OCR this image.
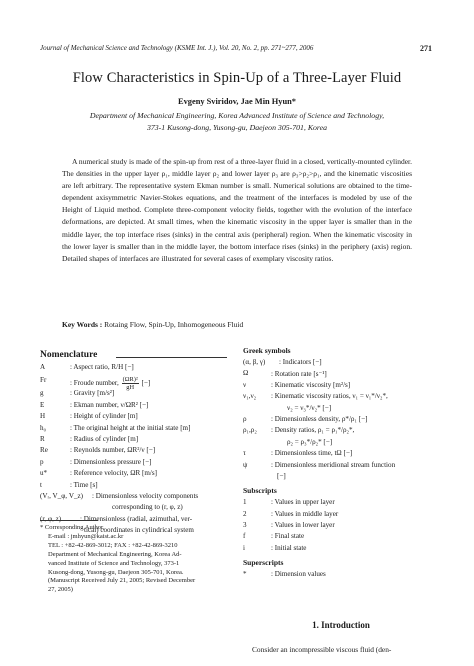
Journal of Mechanical Science and Technology (KSME Int. J.), Vol. 20, No. 2, pp. 271~277, 2006	271
Flow Characteristics in Spin-Up of a Three-Layer Fluid
Evgeny Sviridov, Jae Min Hyun*
Department of Mechanical Engineering, Korea Advanced Institute of Science and Technology,
373-1 Kusong-dong, Yusong-gu, Daejeon 305-701, Korea
A numerical study is made of the spin-up from rest of a three-layer fluid in a closed, vertically-mounted cylinder. The densities in the upper layer ρ₁, middle layer ρ₂ and lower layer ρ₃ are ρ₃>ρ₂>ρ₁, and the kinematic viscosities are left arbitrary. The representative system Ekman number is small. Numerical solutions are obtained to the time-dependent axisymmetric Navier-Stokes equations, and the treatment of the interfaces is modeled by use of the Height of Liquid method. Complete three-component velocity fields, together with the evolution of the interface deformations, are depicted. At small times, when the kinematic viscosity in the upper layer is smaller than in the middle layer, the top interface rises (sinks) in the central axis (peripheral) region. When the kinematic viscosity in the lower layer is smaller than in the middle layer, the bottom interface rises (sinks) in the periphery (axis) region. Detailed shapes of interfaces are illustrated for several cases of exemplary viscosity ratios.
Key Words : Rotaing Flow, Spin-Up, Inhomogeneous Fluid
Nomenclature
A	: Aspect ratio, R/H [−]
Fr	: Froude number, $\frac{\text{(ΩR)²}}{gH}$ [−]
g	: Gravity [m/s²]
E	: Ekman number, ν/ΩR² [−]
H	: Height of cylinder [m]
h₀	: The original height at the initial state [m]
R	: Radius of cylinder [m]
Re	: Reynolds number, ΩR²/ν [−]
p	: Dimensionless pressure [−]
u*	: Reference velocity, ΩR [m/s]
t	: Time [s]
(Vᵣ, V_φ, V_z) : Dimensionless velocity components
corresponding to (r, φ, z)
(r, φ, z)	: Dimensionless (radial, azimuthal, ver-
tical) coordinates in cylindrical system
* Corresponding Author,
E-mail : jmhyun@kaist.ac.kr
TEL : +82-42-869-3012; FAX : +82-42-869-3210
Department of Mechanical Engineering, Korea Ad-
vanced Institute of Science and Technology, 373-1
Kusong-dong, Yusong-gu, Daejeon 305-701, Korea.
(Manuscript Received July 21, 2005; Revised December
27, 2005)
Greek symbols
(α, β, γ) : Indicators [−]
Ω	: Rotation rate [s⁻¹]
ν	: Kinematic viscosity [m²/s]
ν₁,ν₂ : Kinematic viscosity ratios, ν₁ = ν₁*/ν₂*,
ν₂ = ν₃*/ν₂* [−]
ρ	: Dimensionless density, ρ*/ρ₁ [−]
ρ₁,ρ₂ : Density ratios, ρ₁ = ρ₁*/ρ₂*,
ρ₂ = ρ₃*/ρ₂* [−]
τ	: Dimensionless time, tΩ [−]
ψ	: Dimensionless meridional stream function
[−]
Subscripts
1	: Values in upper layer
2	: Values in middle layer
3	: Values in lower layer
f	: Final state
i	: Initial state
Superscripts
*	: Dimension values
1. Introduction
Consider an incompressible viscous fluid (den-
